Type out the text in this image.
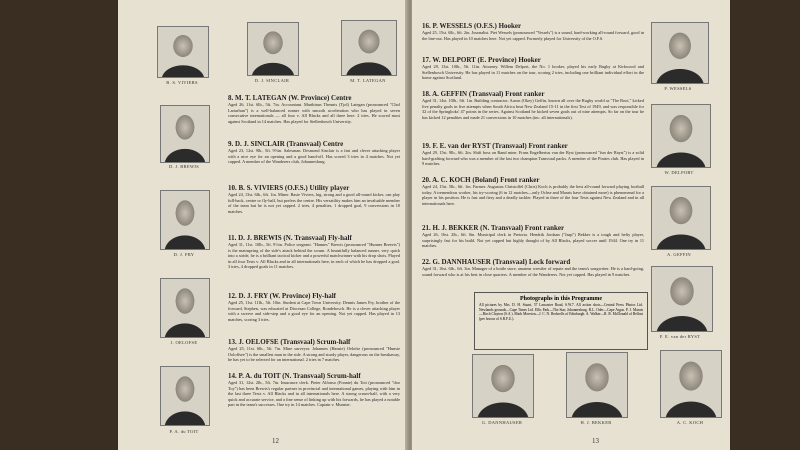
B. S. VIVIERS	D. J. SINCLAIR	M. T. LATEGAN
D. J. BREWIS
D. J. FRY
J. OELOFSE
P. A. du TOIT
8. M. T. LATEGAN (W. Province) Centre
Aged 26, 11st. 6lb., 5ft. 7in. Accountant. Marthinus Theunis (Tjol) Lategan (pronounced "Chol Lartarhun") is a well-balanced runner with smooth acceleration who has played in seven consecutive internationals — all four v. All Blacks and all three here. 2 tries. He scored most against Scotland in 14 matches. Has played for Stellenbosch University.
9. D. J. SINCLAIR (Transvaal) Centre
Aged 23, 12st. 9lb., 5ft. 9½in. Salesman. Desmond Sinclair is a fast and clever attacking player with a nice eye for an opening and a good hand-off. Has scored 3 tries in 4 matches. Not yet capped. A member of the Wanderers club, Johannesburg.
10. B. S. VIVIERS (O.F.S.) Utility player
Aged 24, 13st. 6lb., 6ft. 1in. Miner. Basie Viviers, big, strong and a good all-round kicker, can play full-back, centre or fly-half, but prefers the centre. His versatility makes him an invaluable member of the team but he is not yet capped. 2 tries, 4 penalties, 1 dropped goal, 9 conversions in 10 matches.
11. D. J. BREWIS (N. Transvaal) Fly-half
Aged 31, 11st. 10lb., 5ft. 9½in. Police sergeant. "Hannes" Brewis (pronounced "Hunnes Breevis") is the mainspring of the side's attack behind the scrum. A beautifully balanced runner, very quick into a stride, he is a brilliant tactical kicker and a powerful matchwinner with his drop shots. Played in all four Tests v. All Blacks and in all internationals here, in each of which he has dropped a goal. 3 tries, 4 dropped goals in 11 matches.
12. D. J. FRY (W. Province) Fly-half
Aged 25, 11st. 11lb., 5ft. 10in. Student at Cape Town University. Dennis James Fry, brother of the forward, Stephen, was educated at Diocesan College, Rondebosch. He is a clever attacking player with a swerve and side-step and a good eye for an opening. Not yet capped. Has played in 13 matches, scoring 3 tries.
13. J. OELOFSE (Transvaal) Scrum-half
Aged 25, 11st. 6lb., 5ft. 7in. Mine surveyor. Johannes (Hansie) Oelofse (pronounced "Hunsie Ooloffsee") is the smallest man in the side. A strong and sturdy player, dangerous on the breakaway, he has yet to be selected for an international. 2 tries in 7 matches.
14. P. A. du TOIT (N. Transvaal) Scrum-half
Aged 31, 12st. 2lb., 5ft. 7in. Insurance clerk. Pieter Alfonso (Fonnie) du Toit (pronounced "doo Toy") has been Brewis's regular partner in provincial and international games, playing with him in the last three Tests v. All Blacks and in all internationals here. A strong scrum-half, with a very quick and accurate service, and a fine sense of linking up with his forwards, he has played a notable part in the team's successes. One try in 14 matches. Captain v. Munster.
12
16. P. WESSELS (O.F.S.) Hooker
Aged 25, 15st. 6lb., 6ft. 2in. Journalist. Piet Wessels (pronounced "Vessels") is a sound, hard-working all-round forward, good in the line-out. Has played in 10 matches here. Not yet capped. Formerly played for University of the O.F.S.
17. W. DELPORT (E. Province) Hooker
Aged 29, 13st. 10lb., 5ft. 11in. Attorney. Willem Delport, the No. 1 hooker, played his early Rugby at Kirkwood and Stellenbosch University. He has played in 11 matches on the tour, scoring 2 tries, including one brilliant individual effort in the home against Scotland.
18. A. GEFFIN (Transvaal) Front ranker
Aged 31, 14st. 10lb., 6ft. 1in. Building contractor. Aaron (Okey) Geffin, known all over the Rugby world as "The Boot," kicked five penalty goals in five attempts when South Africa beat New Zealand 15-11 in the first Test of 1949, and was responsible for 32 of the Springboks' 47 points in the series. Against Scotland he kicked seven goals out of nine attempts. So far on the tour he has kicked 12 penalties and made 21 conversions in 10 matches (inc. all internationals).
19. F. E. van der RYST (Transvaal) Front ranker
Aged 29, 15st. 9lb., 6ft. 2in. Shift boss on Rand mine. Frans Engelbertus van der Ryst (pronounced "fun der Rayst") is a solid hard-grafting forward who was a member of the last two champion Transvaal packs. A member of the Pirates club. Has played in 9 matches.
20. A. C. KOCH (Boland) Front ranker
Aged 24, 15st. 5lb., 6ft. 1in. Farmer. Augustus Christoffel (Chris) Koch is probably the best all-round forward playing football today. A tremendous worker, his try-scoring (6 in 12 matches—only Ochse and Marais have obtained more) is phenomenal for a player in his position. He is fast and fiery and a deadly tackler. Played in three of the four Tests against New Zealand and in all internationals here.
21. H. J. BEKKER (N. Transvaal) Front ranker
Aged 26, 16st. 2lb., 6ft. 0in. Municipal clerk in Pretoria. Hendrik Jordaan ("Jaap") Bekker is a tough and hefty player, surprisingly fast for his build. Not yet capped but highly thought of by All Blacks, played soccer until 1944. One try in 11 matches.
22. G. DANNHAUSER (Transvaal) Lock forward
Aged 31, 16st. 6lb., 6ft. 3in. Manager of a bottle store, amateur wrestler of repute and the team's songwriter. He is a hard-going, sound forward who is at his best in close quarters. A member of the Wanderers. Not yet capped. Has played in 9 matches.
Photographs in this Programme
All pictures by Mrs. D. H. Stuart, 57 Lancaster Road, S.W.7. All action shots—Central Press Photos Ltd. Newlands grounds—Cape Times Ltd. Ellis Park—The Star, Johannesburg. R.L. Oder—Cape Argus. P. J. Marais—Birch Clayton (S.A.). Mark Moreton—J. C. N. Bedwells of Edinburgh. A. Walker—R. R. McDonald of Belfast (per favour of S.R.F.U.).
P. WESSELS
W. DELPORT
A. GEFFIN
F. E. van der RYST
G. DANNHAUSER	H. J. BEKKER	A. C. KOCH
13
